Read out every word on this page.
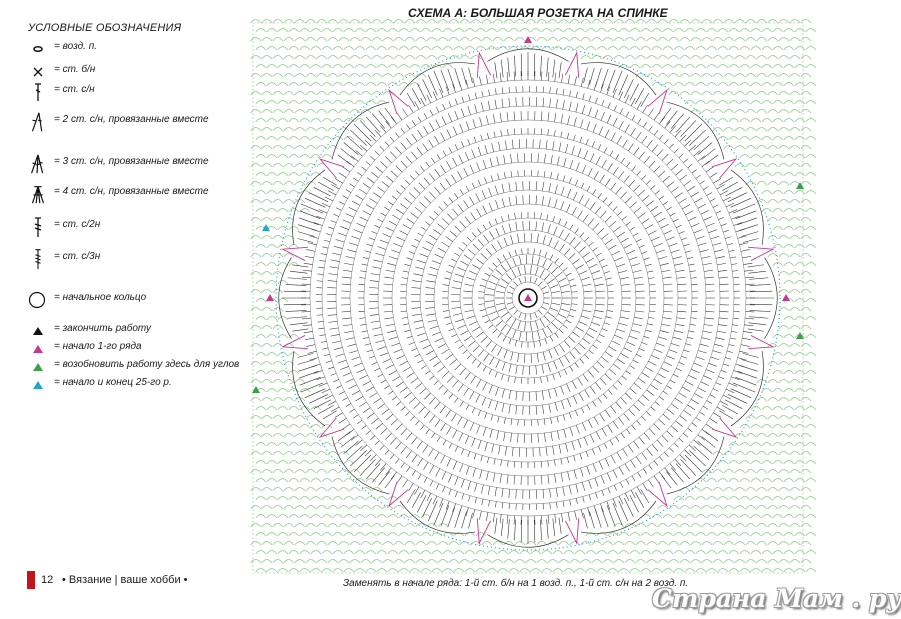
УСЛОВНЫЕ ОБОЗНАЧЕНИЯ
= возд. п.
= ст. б/н
= ст. с/н
= 2 ст. с/н, провязанные вместе
= 3 ст. с/н, провязанные вместе
= 4 ст. с/н, провязанные вместе
= ст. с/2н
= ст. с/3н
= начальное кольцо
= закончить работу
= начало 1-го ряда
= возобновить работу здесь для углов
= начало и конец 25-го р.
СХЕМА А: БОЛЬШАЯ РОЗЕТКА НА СПИНКЕ
Заменять в начале ряда: 1-й ст. б/н на 1 возд. п., 1-й ст. с/н на 2 возд. п.
12 • Вязание | ваше хобби •
Страна Мам . ру
